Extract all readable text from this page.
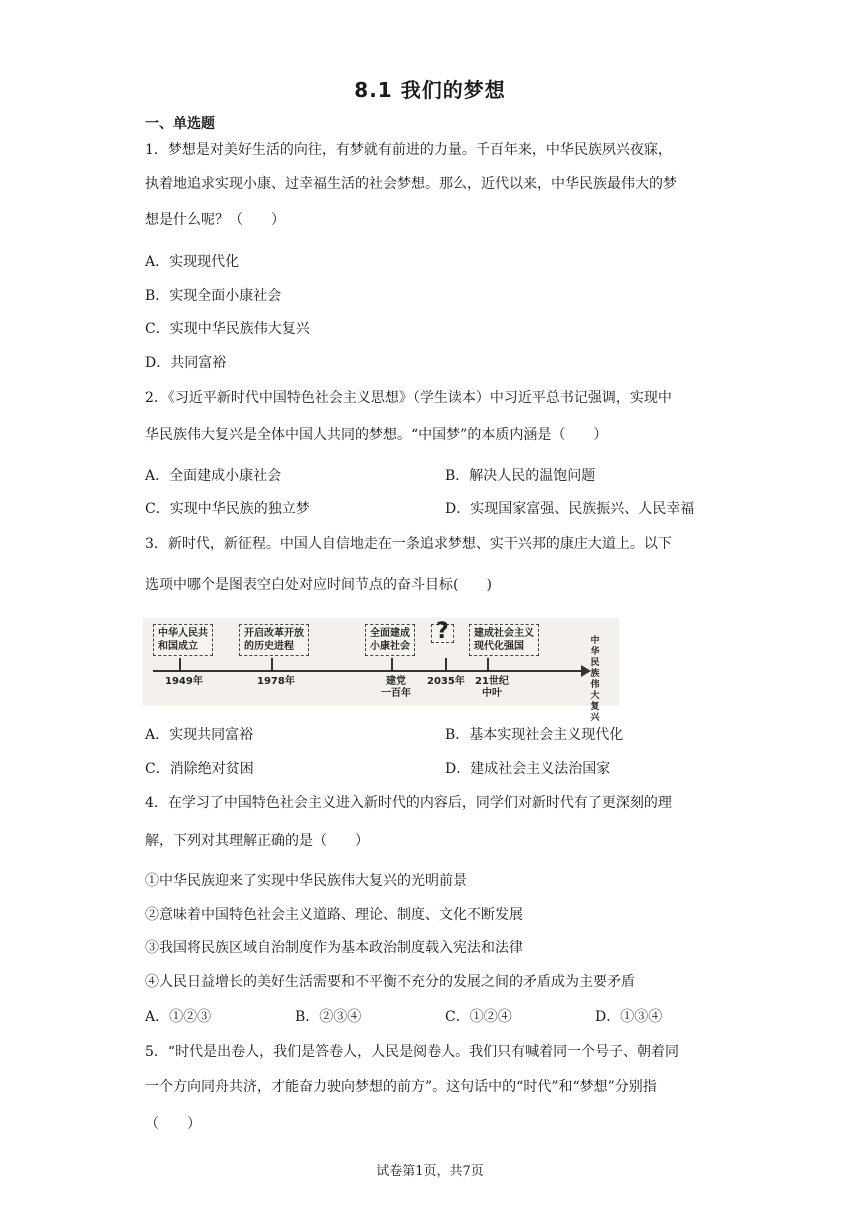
8.1 我们的梦想
一、单选题
1．梦想是对美好生活的向往，有梦就有前进的力量。千百年来，中华民族夙兴夜寐，
执着地追求实现小康、过幸福生活的社会梦想。那么，近代以来，中华民族最伟大的梦
想是什么呢？（　　）
A．实现现代化
B．实现全面小康社会
C．实现中华民族伟大复兴
D．共同富裕
2．《习近平新时代中国特色社会主义思想》（学生读本）中习近平总书记强调，实现中
华民族伟大复兴是全体中国人共同的梦想。“中国梦”的本质内涵是（　　）
A．全面建成小康社会	B．解决人民的温饱问题
C．实现中华民族的独立梦	D．实现国家富强、民族振兴、人民幸福
3．新时代，新征程。中国人自信地走在一条追求梦想、实干兴邦的康庄大道上。以下
选项中哪个是图表空白处对应时间节点的奋斗目标(　　)
中华人民共
和国成立
开启改革开放
的历史进程
全面建成
小康社会
?	建成社会主义
现代化强国
1949年	1978年	建党
一百年
2035年 21世纪
中叶
中华民族伟大复兴
A．实现共同富裕	B．基本实现社会主义现代化
C．消除绝对贫困	D．建成社会主义法治国家
4．在学习了中国特色社会主义进入新时代的内容后，同学们对新时代有了更深刻的理
解，下列对其理解正确的是（　　）
①中华民族迎来了实现中华民族伟大复兴的光明前景
②意味着中国特色社会主义道路、理论、制度、文化不断发展
③我国将民族区域自治制度作为基本政治制度载入宪法和法律
④人民日益增长的美好生活需要和不平衡不充分的发展之间的矛盾成为主要矛盾
A．①②③	B．②③④	C．①②④	D．①③④
5．“时代是出卷人，我们是答卷人，人民是阅卷人。我们只有喊着同一个号子、朝着同
一个方向同舟共济，才能奋力驶向梦想的前方”。这句话中的“时代”和“梦想”分别指
（　　）
试卷第1页，共7页
